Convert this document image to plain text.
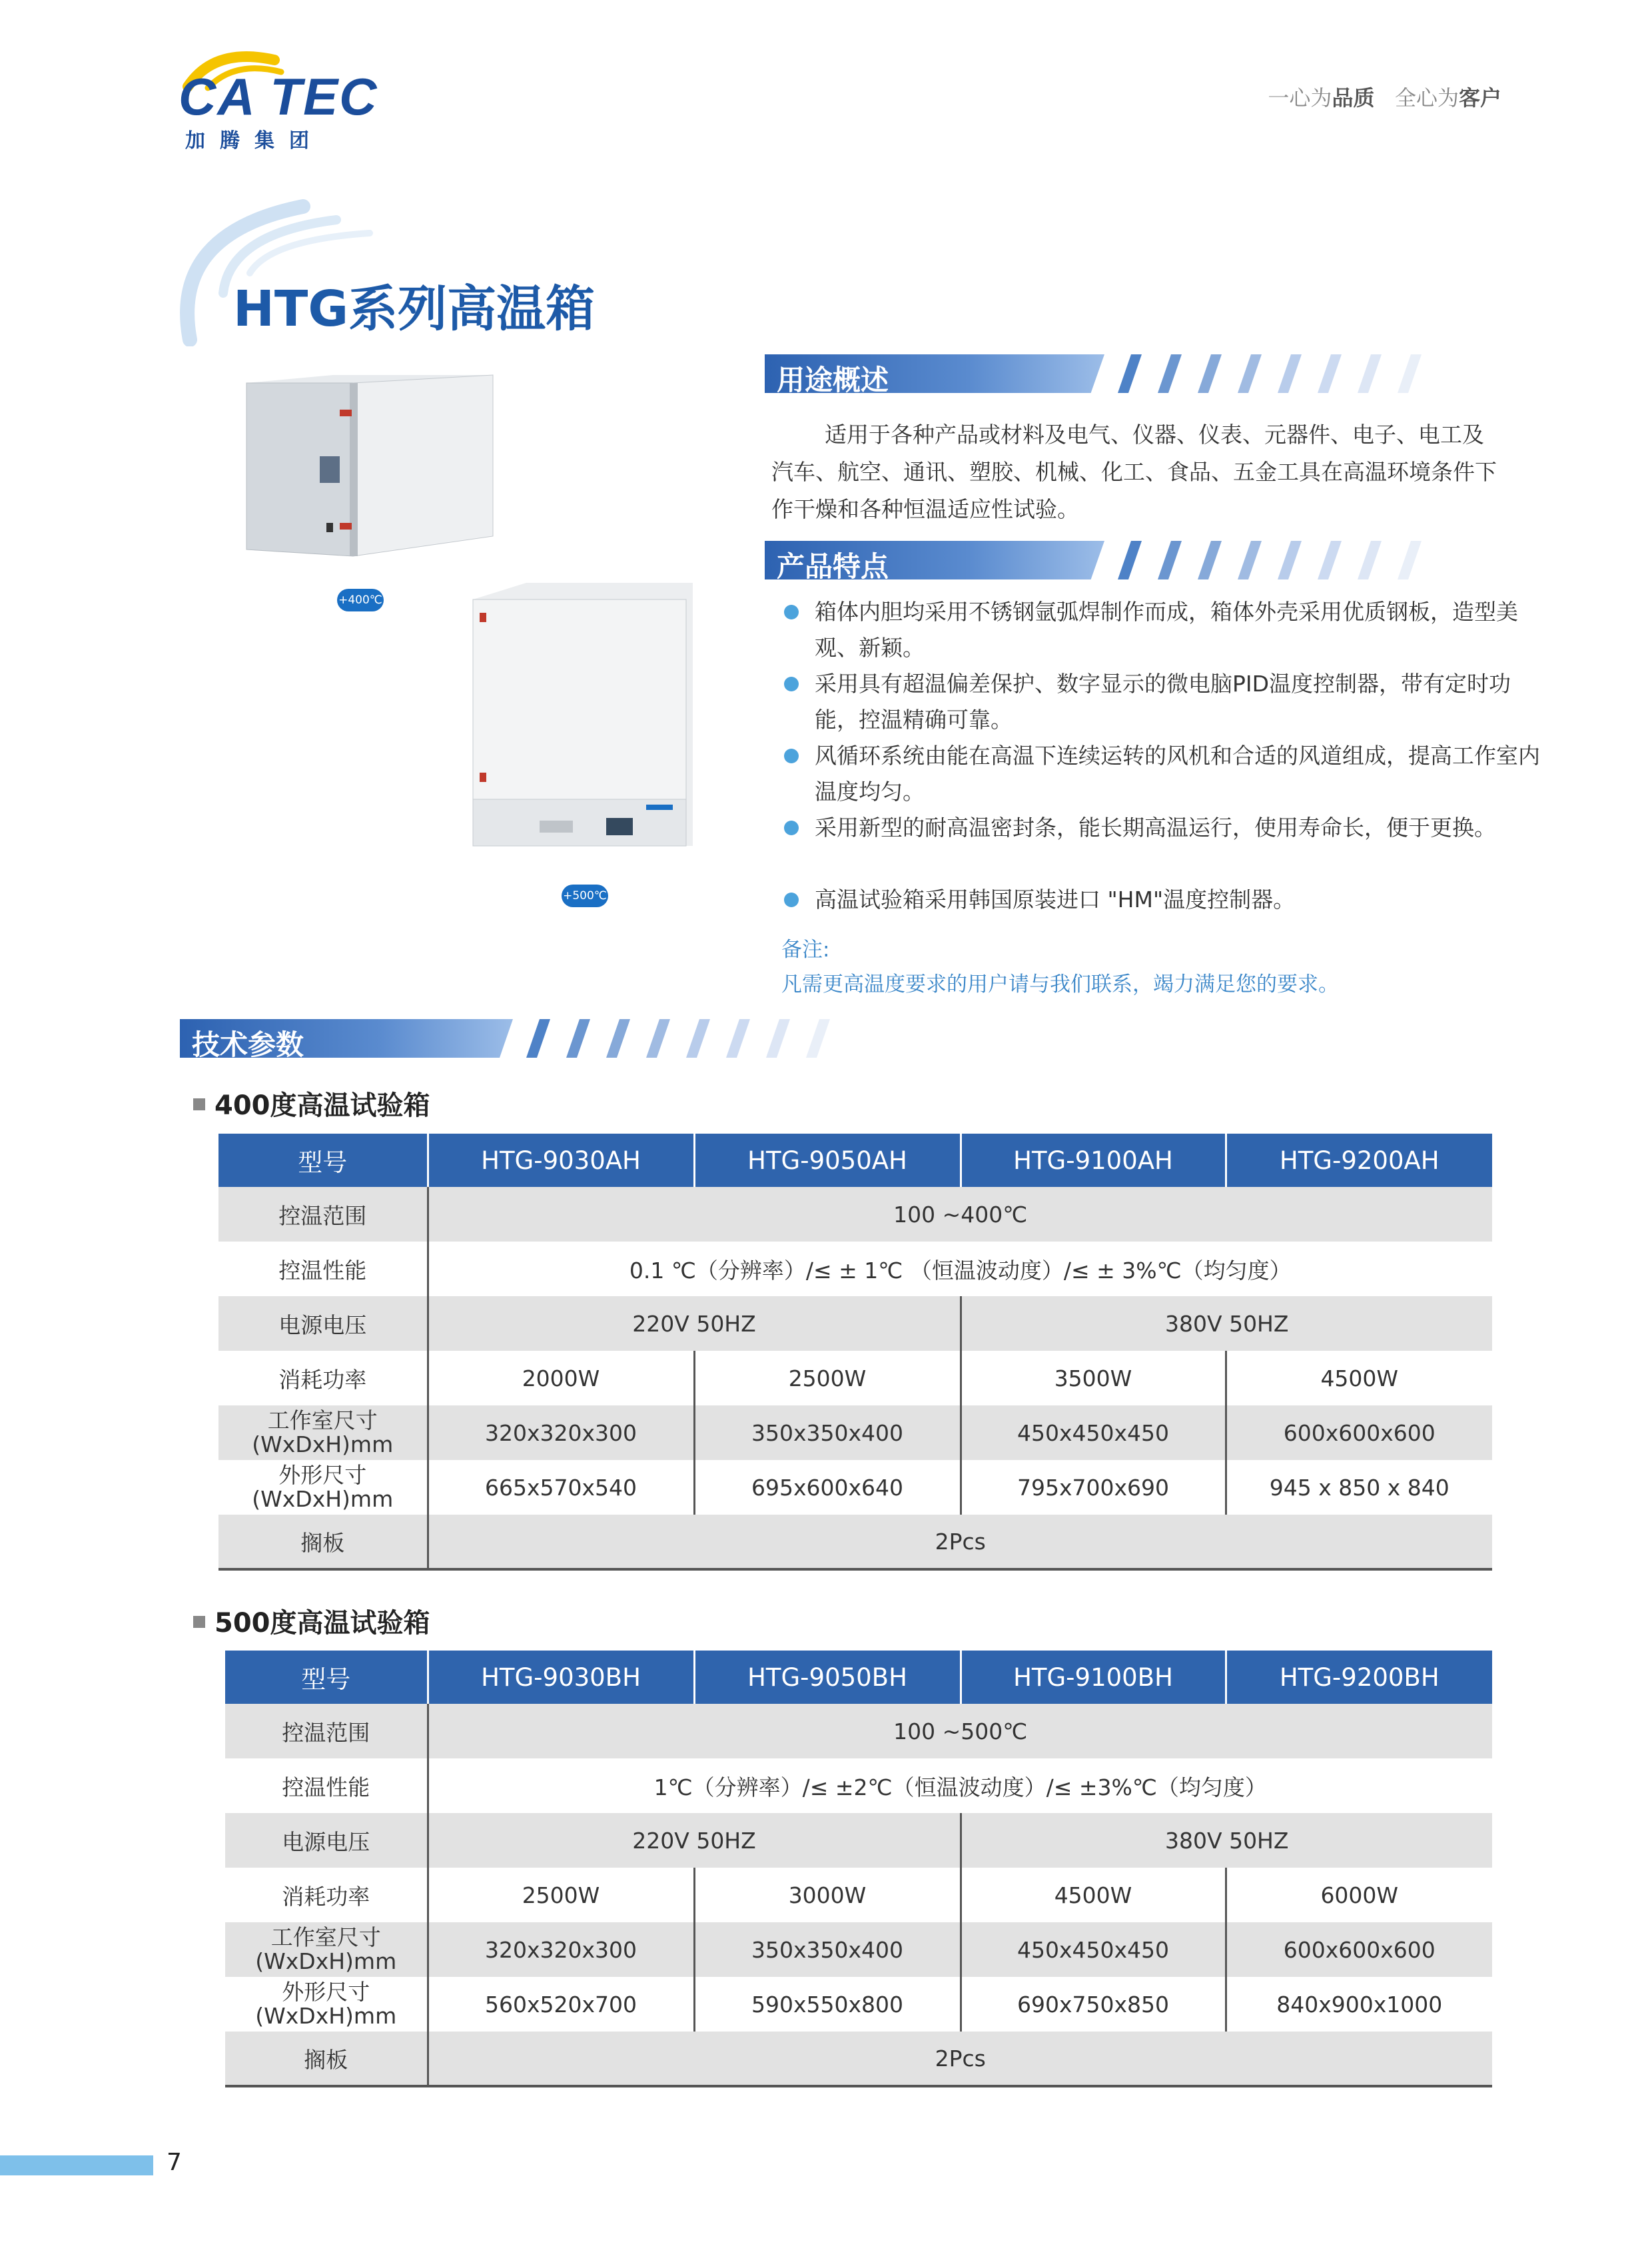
CA TEC
加腾集团
一心为品质 全心为客户
HTG系列高温箱
+400℃
+500℃
用途概述
适用于各种产品或材料及电气、仪器、仪表、元器件、电子、电工及汽车、航空、通讯、塑胶、机械、化工、食品、五金工具在高温环境条件下作干燥和各种恒温适应性试验。
产品特点
箱体内胆均采用不锈钢氩弧焊制作而成，箱体外壳采用优质钢板，造型美观、新颖。
采用具有超温偏差保护、数字显示的微电脑PID温度控制器，带有定时功能，控温精确可靠。
风循环系统由能在高温下连续运转的风机和合适的风道组成，提高工作室内温度均匀。
采用新型的耐高温密封条，能长期高温运行，使用寿命长，便于更换。
高温试验箱采用韩国原装进口 "HM"温度控制器。
备注:
凡需更高温度要求的用户请与我们联系，竭力满足您的要求。
技术参数
400度高温试验箱
型号	HTG-9030AH	HTG-9050AH	HTG-9100AH	HTG-9200AH
控温范围	100 ~400℃			
控温性能	0.1 ℃（分辨率）/≤ ± 1℃ （恒温波动度）/≤ ± 3%℃（均匀度）			
电源电压	220V 50HZ		380V 50HZ	
消耗功率	2000W	2500W	3500W	4500W

工作室尺寸
(WxDxH)mm	320x320x300	350x350x400	450x450x450	600x600x600

外形尺寸
(WxDxH)mm	665x570x540	695x600x640	795x700x690	945 x 850 x 840
搁板	2Pcs			
500度高温试验箱
型号	HTG-9030BH	HTG-9050BH	HTG-9100BH	HTG-9200BH
控温范围	100 ~500℃			
控温性能	1℃（分辨率）/≤ ±2℃（恒温波动度）/≤ ±3%℃（均匀度）			
电源电压	220V 50HZ		380V 50HZ	
消耗功率	2500W	3000W	4500W	6000W

工作室尺寸
(WxDxH)mm	320x320x300	350x350x400	450x450x450	600x600x600

外形尺寸
(WxDxH)mm	560x520x700	590x550x800	690x750x850	840x900x1000
搁板	2Pcs			
7
